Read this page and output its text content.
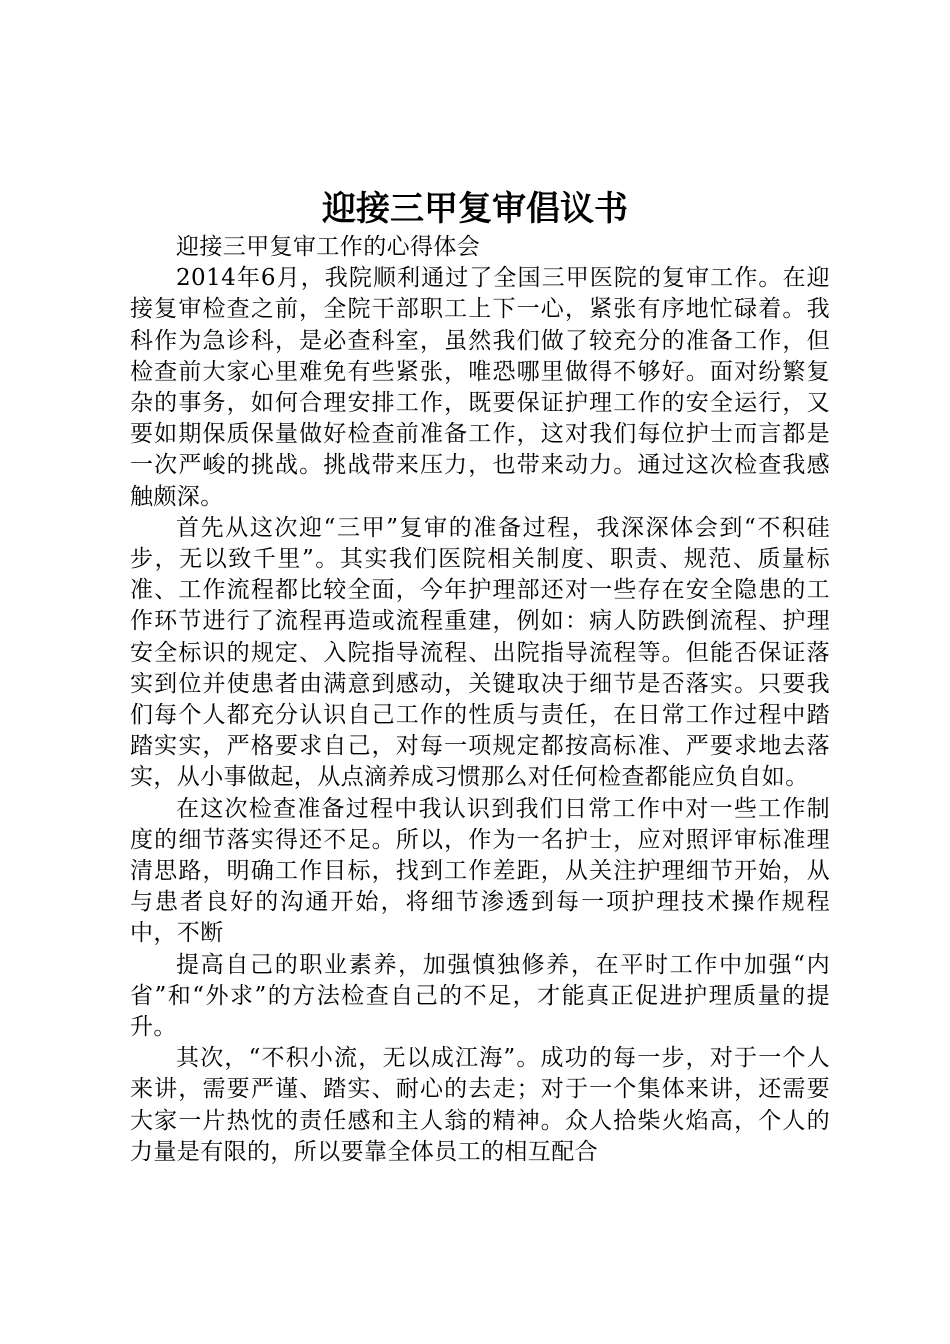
迎接三甲复审倡议书

迎接三甲复审工作的心得体会

2014年6月，我院顺利通过了全国三甲医院的复审工作。在迎接复审检查之前，全院干部职工上下一心，紧张有序地忙碌着。我科作为急诊科，是必查科室，虽然我们做了较充分的准备工作，但检查前大家心里难免有些紧张，唯恐哪里做得不够好。面对纷繁复杂的事务，如何合理安排工作，既要保证护理工作的安全运行，又要如期保质保量做好检查前准备工作，这对我们每位护士而言都是一次严峻的挑战。挑战带来压力，也带来动力。通过这次检查我感触颇深。

首先从这次迎“三甲”复审的准备过程，我深深体会到“不积硅步，无以致千里”。其实我们医院相关制度、职责、规范、质量标准、工作流程都比较全面，今年护理部还对一些存在安全隐患的工作环节进行了流程再造或流程重建，例如：病人防跌倒流程、护理安全标识的规定、入院指导流程、出院指导流程等。但能否保证落实到位并使患者由满意到感动，关键取决于细节是否落实。只要我们每个人都充分认识自己工作的性质与责任，在日常工作过程中踏踏实实，严格要求自己，对每一项规定都按高标准、严要求地去落实，从小事做起，从点滴养成习惯那么对任何检查都能应负自如。

在这次检查准备过程中我认识到我们日常工作中对一些工作制度的细节落实得还不足。所以，作为一名护士，应对照评审标准理清思路，明确工作目标，找到工作差距，从关注护理细节开始，从与患者良好的沟通开始，将细节渗透到每一项护理技术操作规程中，不断

提高自己的职业素养，加强慎独修养，在平时工作中加强“内省”和“外求”的方法检查自己的不足，才能真正促进护理质量的提升。

其次，“不积小流，无以成江海”。成功的每一步，对于一个人来讲，需要严谨、踏实、耐心的去走；对于一个集体来讲，还需要大家一片热忱的责任感和主人翁的精神。众人拾柴火焰高，个人的力量是有限的，所以要靠全体员工的相互配合
